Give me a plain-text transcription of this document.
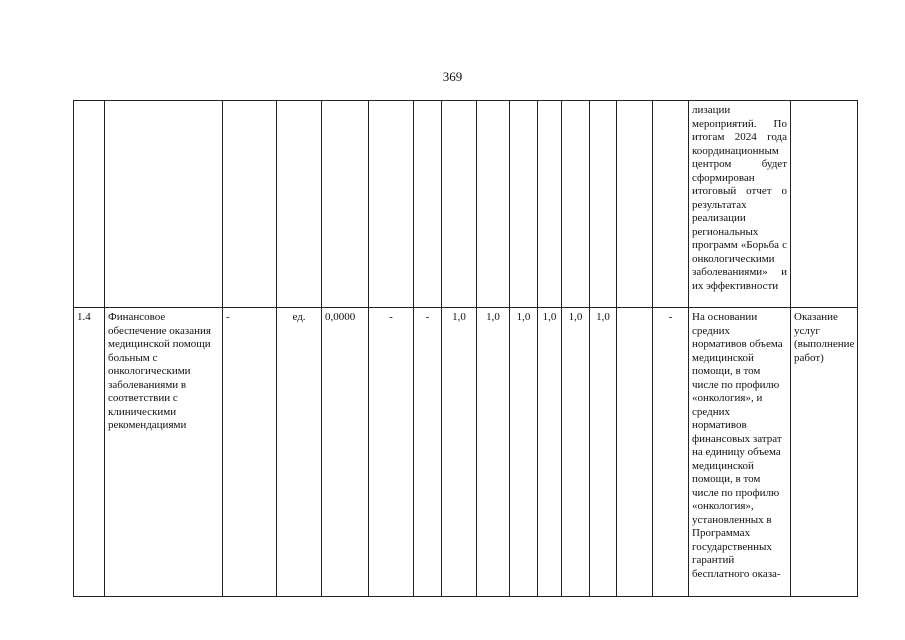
369

															лизации мероприятий. По итогам 2024 года координационным центром будет сформирован итоговый отчет о результатах реализации региональных программ «Борьба с онкологическими заболеваниями» и их эффективности	

1.4	Финансовое обеспечение оказания медицинской помощи больным с онкологическими заболеваниями в соответствии с клиническими рекомендациями	-	ед.	0,0000	-	-	1,0	1,0	1,0	1,0	1,0	1,0		-	На основании средних нормативов объема медицинской помощи, в том числе по профилю «онкология», и средних нормативов финансовых затрат на единицу объема медицинской помощи, в том числе по профилю «онкология», установленных в Программах государственных гарантий бесплатного оказа-	Оказание услуг (выполнение работ)
